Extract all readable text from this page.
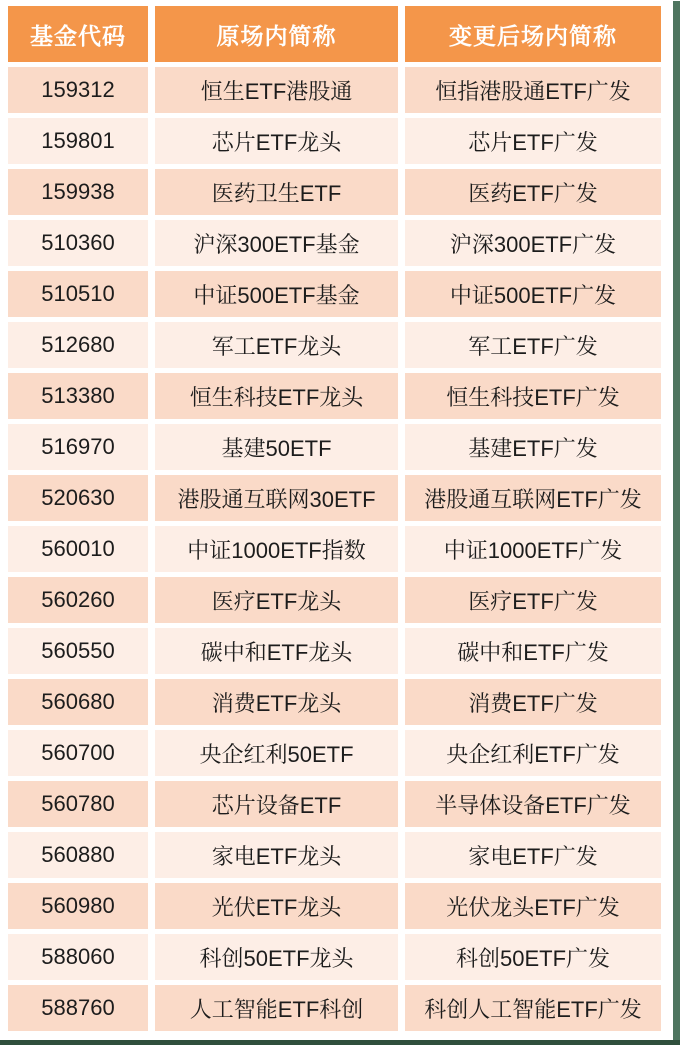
基金代码	原场内简称	变更后场内简称
159312	恒生ETF港股通	恒指港股通ETF广发
159801	芯片ETF龙头	芯片ETF广发
159938	医药卫生ETF	医药ETF广发
510360	沪深300ETF基金	沪深300ETF广发
510510	中证500ETF基金	中证500ETF广发
512680	军工ETF龙头	军工ETF广发
513380	恒生科技ETF龙头	恒生科技ETF广发
516970	基建50ETF	基建ETF广发
520630	港股通互联网30ETF	港股通互联网ETF广发
560010	中证1000ETF指数	中证1000ETF广发
560260	医疗ETF龙头	医疗ETF广发
560550	碳中和ETF龙头	碳中和ETF广发
560680	消费ETF龙头	消费ETF广发
560700	央企红利50ETF	央企红利ETF广发
560780	芯片设备ETF	半导体设备ETF广发
560880	家电ETF龙头	家电ETF广发
560980	光伏ETF龙头	光伏龙头ETF广发
588060	科创50ETF龙头	科创50ETF广发
588760	人工智能ETF科创	科创人工智能ETF广发
